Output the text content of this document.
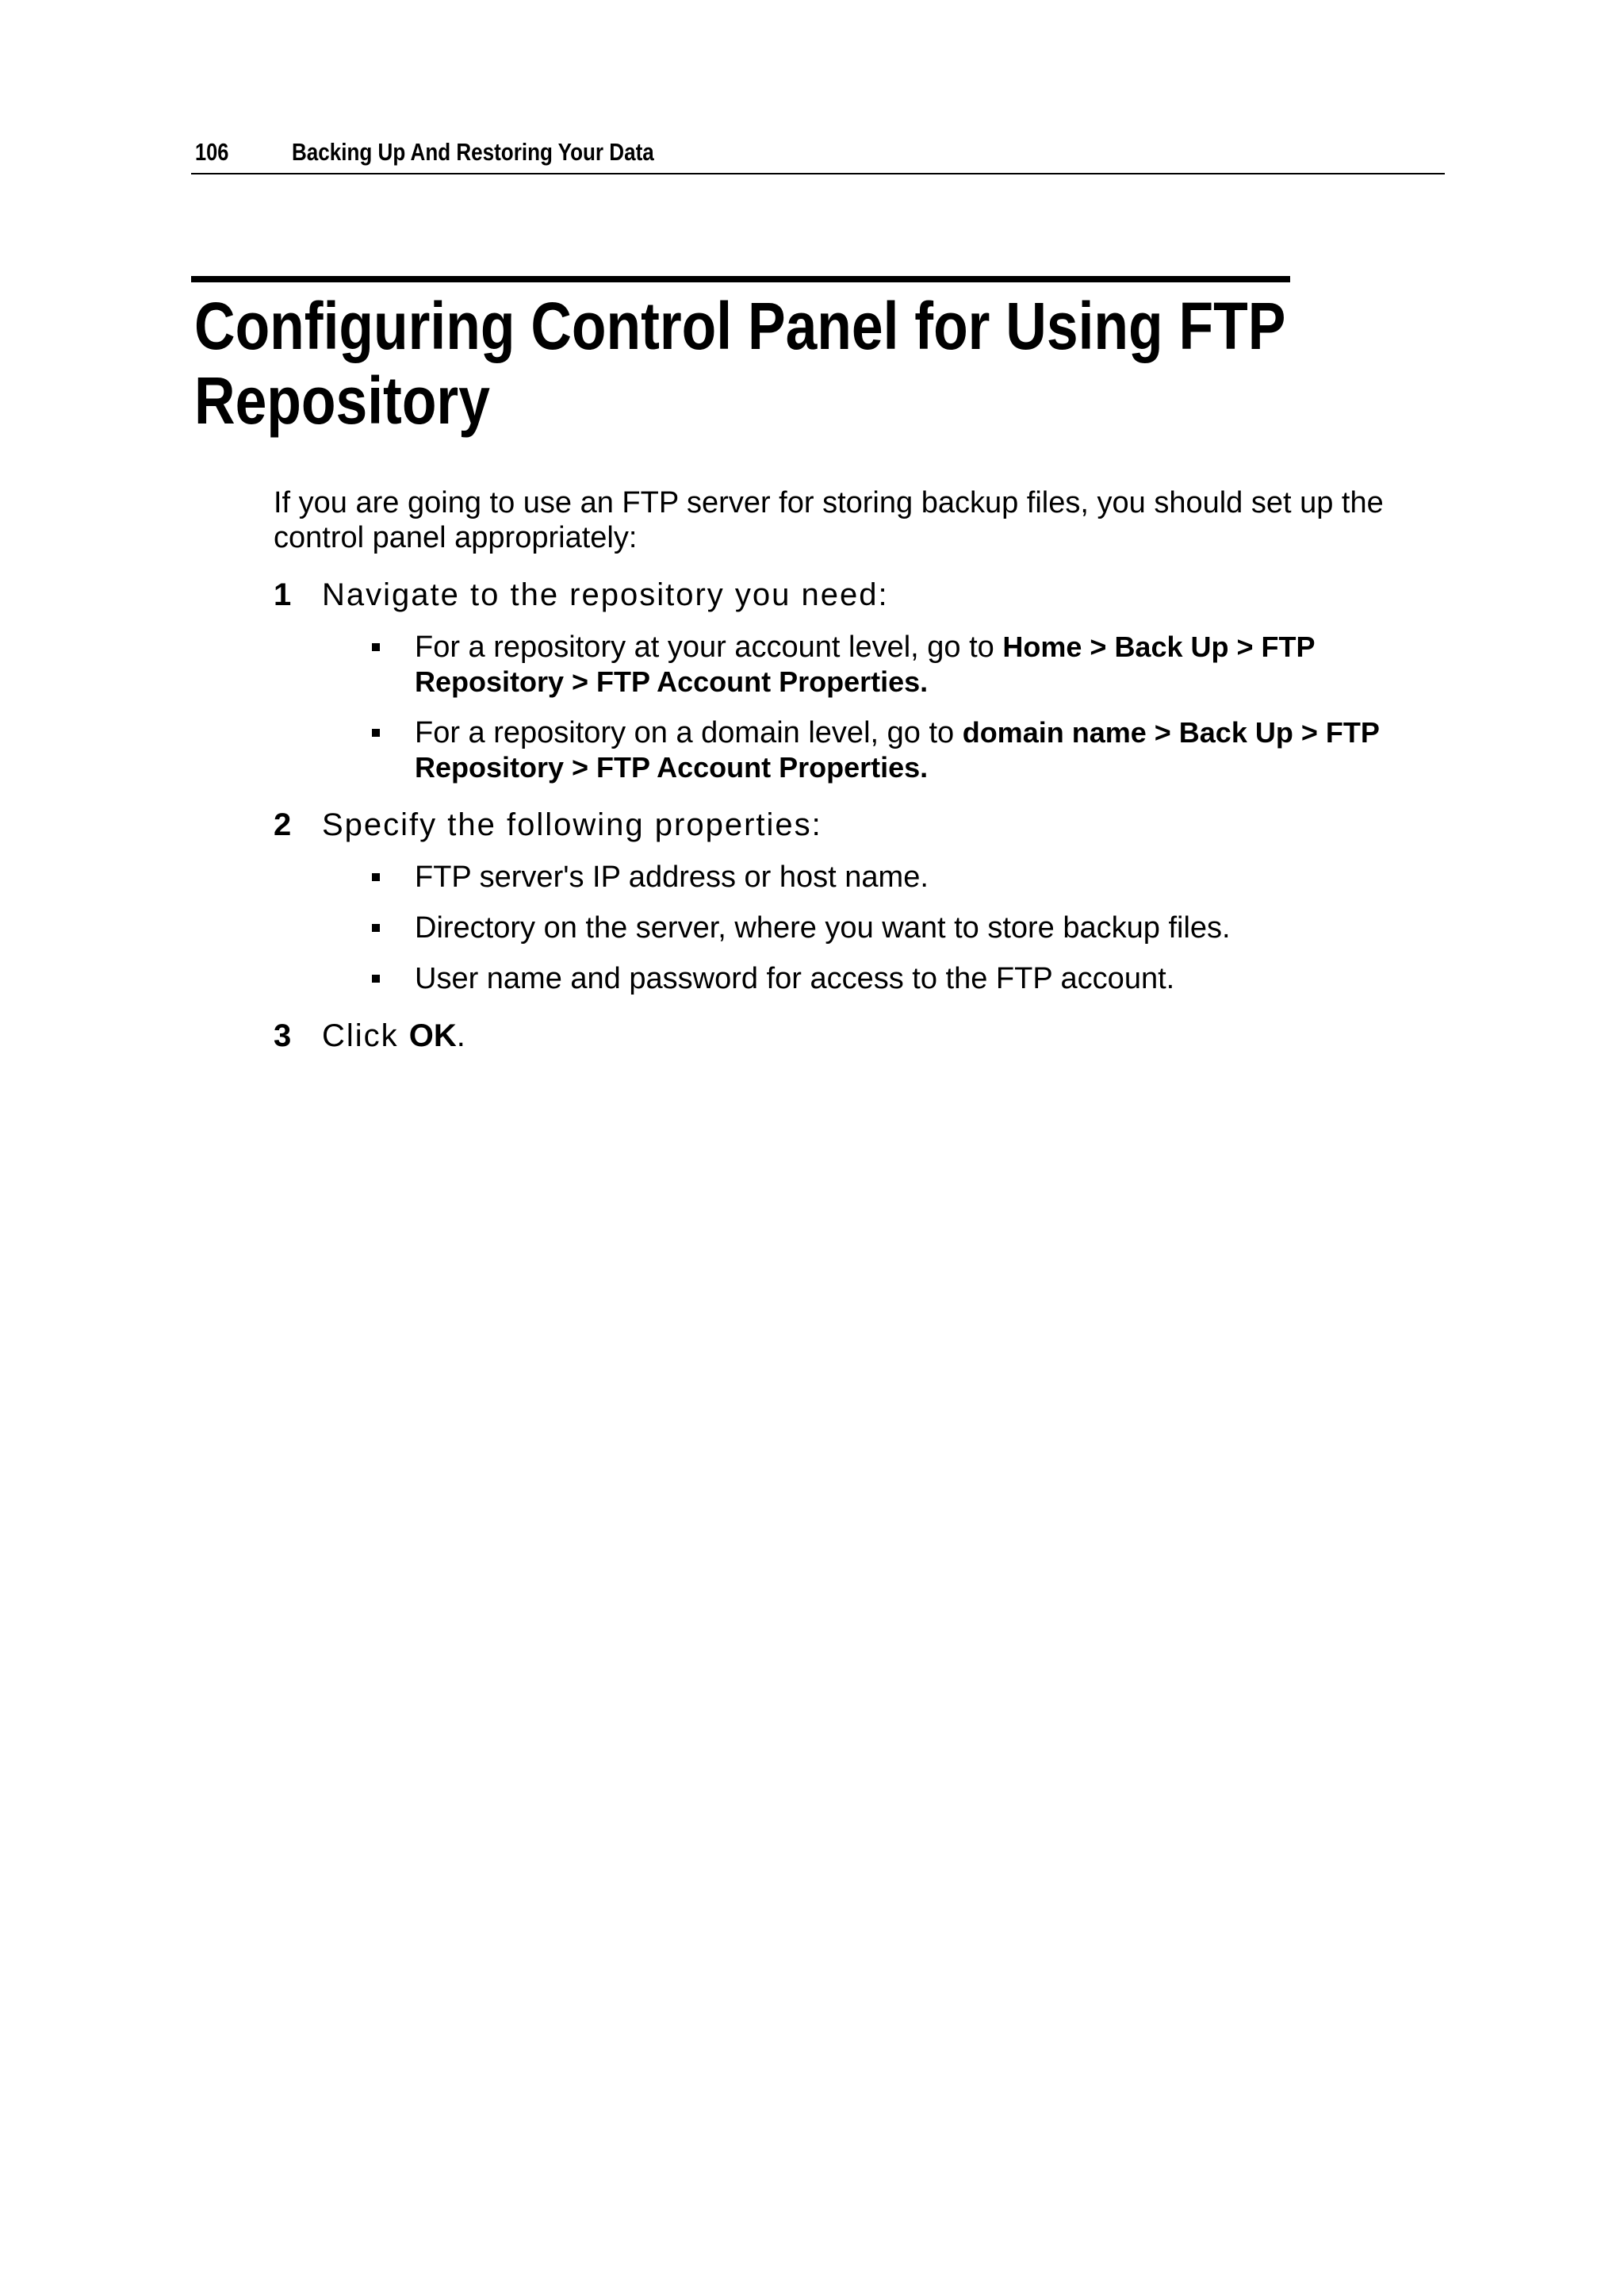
106	Backing Up And Restoring Your Data
Configuring Control Panel for Using FTP Repository

If you are going to use an FTP server for storing backup files, you should set up the control panel appropriately:

1 Navigate to the repository you need:
For a repository at your account level, go to Home > Back Up > FTP Repository > FTP Account Properties.
For a repository on a domain level, go to domain name > Back Up > FTP Repository > FTP Account Properties.
2 Specify the following properties:
FTP server's IP address or host name.
Directory on the server, where you want to store backup files.
User name and password for access to the FTP account.
3 Click OK.
